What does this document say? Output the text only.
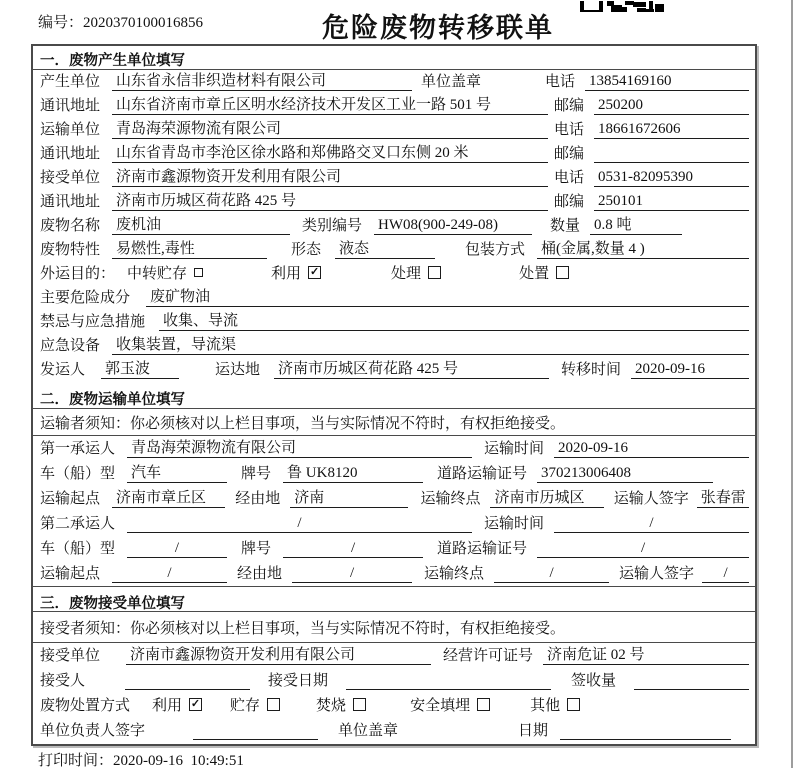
编号：2020370100016856	危险废物转移联单
一．废物产生单位填写
产生单位 山东省永信非织造材料有限公司	单位盖章	电话 13854169160
通讯地址 山东省济南市章丘区明水经济技术开发区工业一路 501 号	邮编 250200
运输单位 青岛海荣源物流有限公司	电话 18661672606
通讯地址 山东省青岛市李沧区徐水路和郑佛路交叉口东侧 20 米	邮编
接受单位 济南市鑫源物资开发利用有限公司	电话 0531-82095390
通讯地址 济南市历城区荷花路 425 号	邮编 250101
废物名称 废机油	类别编号 HW08(900-249-08)	数量 0.8 吨
废物特性 易燃性,毒性	形态 液态	包装方式 桶(金属,数量 4 )
外运目的： 中转贮存	利用 ✓	处理	处置
主要危险成分 废矿物油
禁忌与应急措施 收集、导流
应急设备 收集装置，导流渠
发运人 郭玉波	运达地 济南市历城区荷花路 425 号	转移时间 2020-09-16
二．废物运输单位填写
运输者须知：你必须核对以上栏目事项，当与实际情况不符时，有权拒绝接受。
第一承运人 青岛海荣源物流有限公司	运输时间 2020-09-16
车（船）型 汽车	牌号 鲁 UK8120	道路运输证号 370213006408
运输起点 济南市章丘区	经由地 济南	运输终点 济南市历城区	运输人签字 张春雷
第二承运人	/	运输时间	/
车（船）型	/	牌号	/	道路运输证号	/
运输起点	/	经由地	/	运输终点	/	运输人签字	/
三．废物接受单位填写
接受者须知：你必须核对以上栏目事项，当与实际情况不符时，有权拒绝接受。
接受单位 济南市鑫源物资开发利用有限公司	经营许可证号 济南危证 02 号
接受人	接受日期	签收量
废物处置方式 利用 ✓ 贮存	焚烧	安全填埋	其他
单位负责人签字	单位盖章	日期
打印时间：2020-09-16  10:49:51
